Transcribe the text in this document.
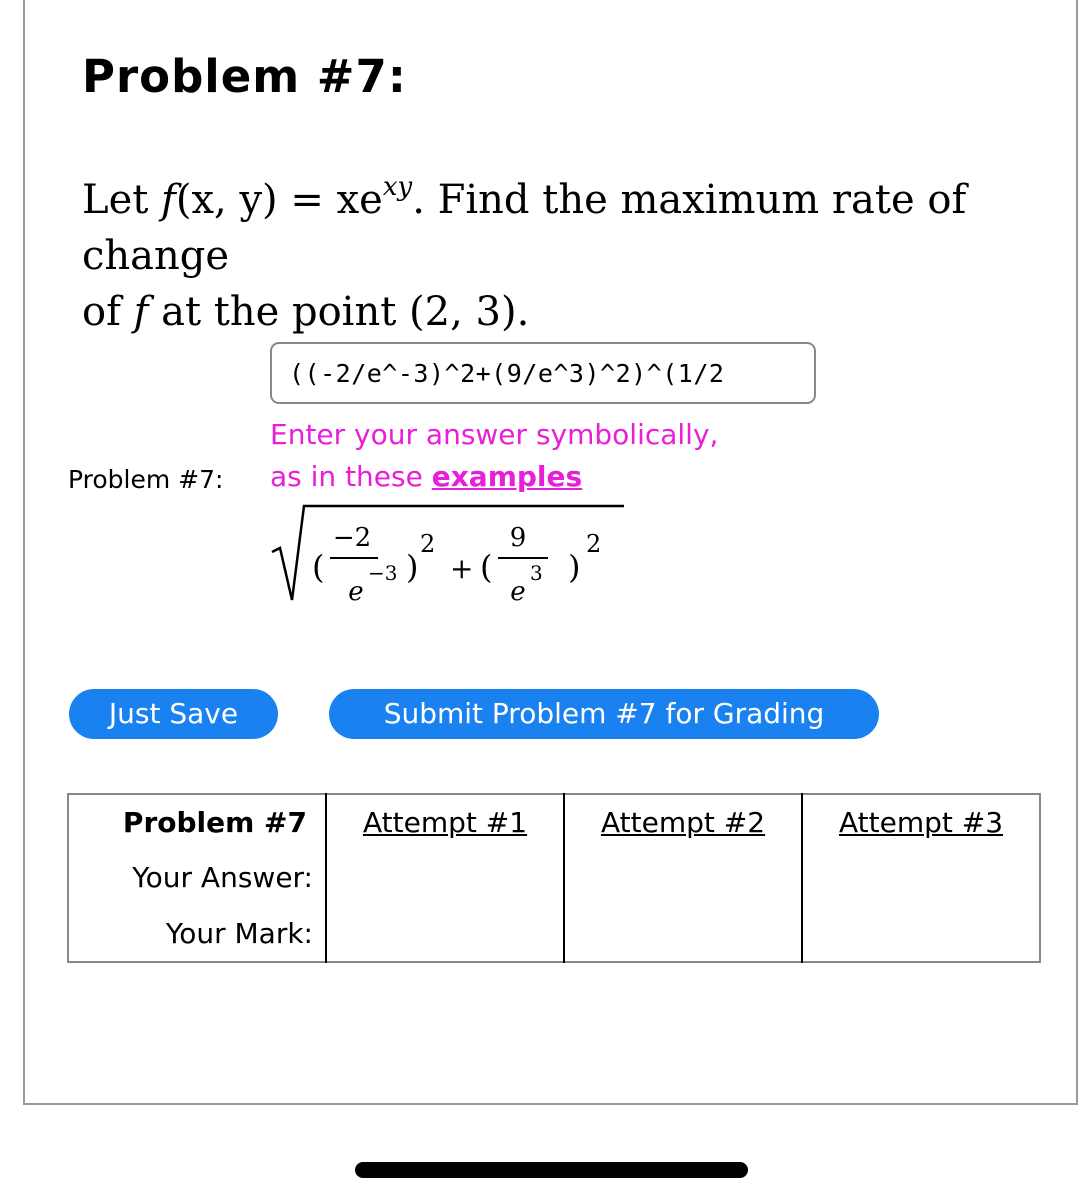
Problem #7:
Let f(x, $y) = xe^{xy}$. Find the maximum rate of change
of f at the point (2, 3).
Problem #7:
((-2/e^-3)^2+(9/e^3)^2)^(1/2
Enter your answer symbolically,
as in these examples
(
−2
e
−3 )
2
+ (
9
e
3 )
2
Just Save	Submit Problem #7 for Grading
Problem #7	Attempt #1	Attempt #2	Attempt #3
Your Answer:			
Your Mark:			
